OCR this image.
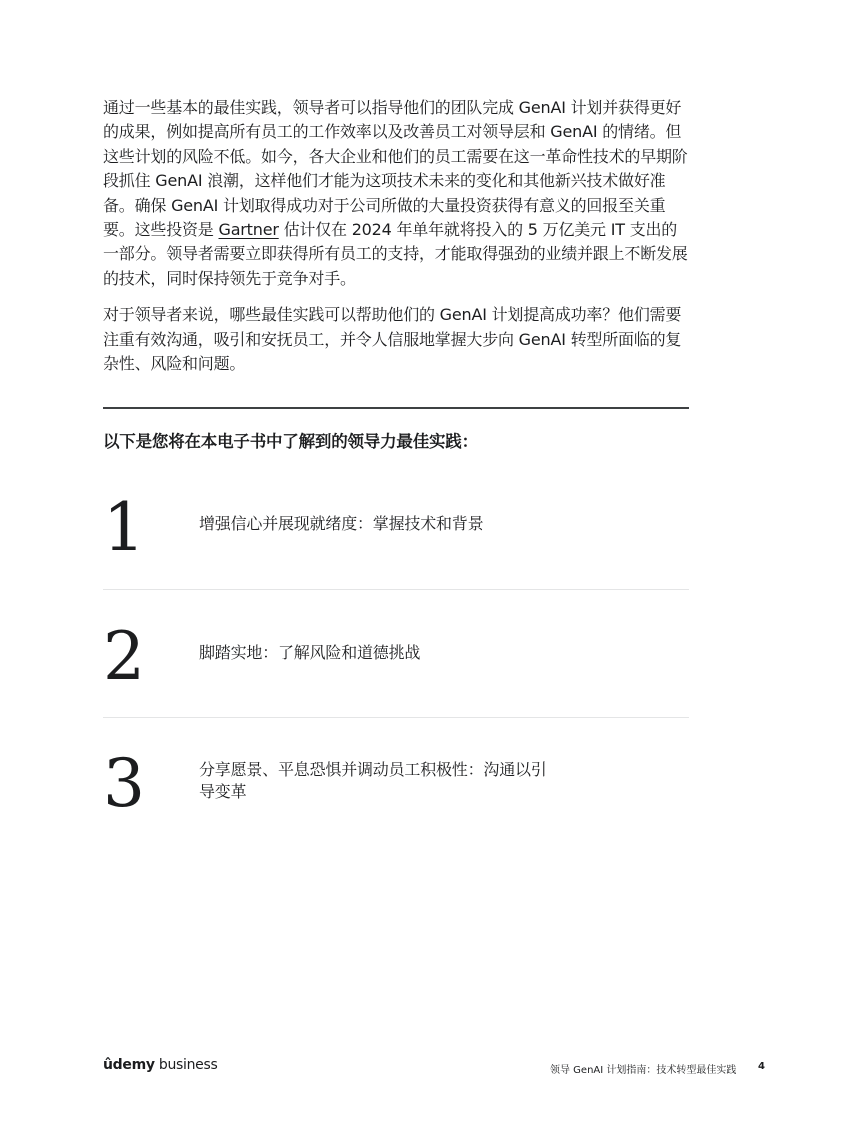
通过一些基本的最佳实践，领导者可以指导他们的团队完成 GenAI 计划并获得更好的成果，例如提高所有员工的工作效率以及改善员工对领导层和 GenAI 的情绪。但这些计划的风险不低。如今，各大企业和他们的员工需要在这一革命性技术的早期阶段抓住 GenAI 浪潮，这样他们才能为这项技术未来的变化和其他新兴技术做好准备。确保 GenAI 计划取得成功对于公司所做的大量投资获得有意义的回报至关重要。这些投资是 Gartner 估计仅在 2024 年单年就将投入的 5 万亿美元 IT 支出的一部分。领导者需要立即获得所有员工的支持，才能取得强劲的业绩并跟上不断发展的技术，同时保持领先于竞争对手。

对于领导者来说，哪些最佳实践可以帮助他们的 GenAI 计划提高成功率？他们需要注重有效沟通，吸引和安抚员工，并令人信服地掌握大步向 GenAI 转型所面临的复杂性、风险和问题。

以下是您将在本电子书中了解到的领导力最佳实践：
1	增强信心并展现就绪度：掌握技术和背景
2	脚踏实地：了解风险和道德挑战
3	分享愿景、平息恐惧并调动员工积极性：沟通以引导变革
ûdemy business	领导 GenAI 计划指南：技术转型最佳实践 4
